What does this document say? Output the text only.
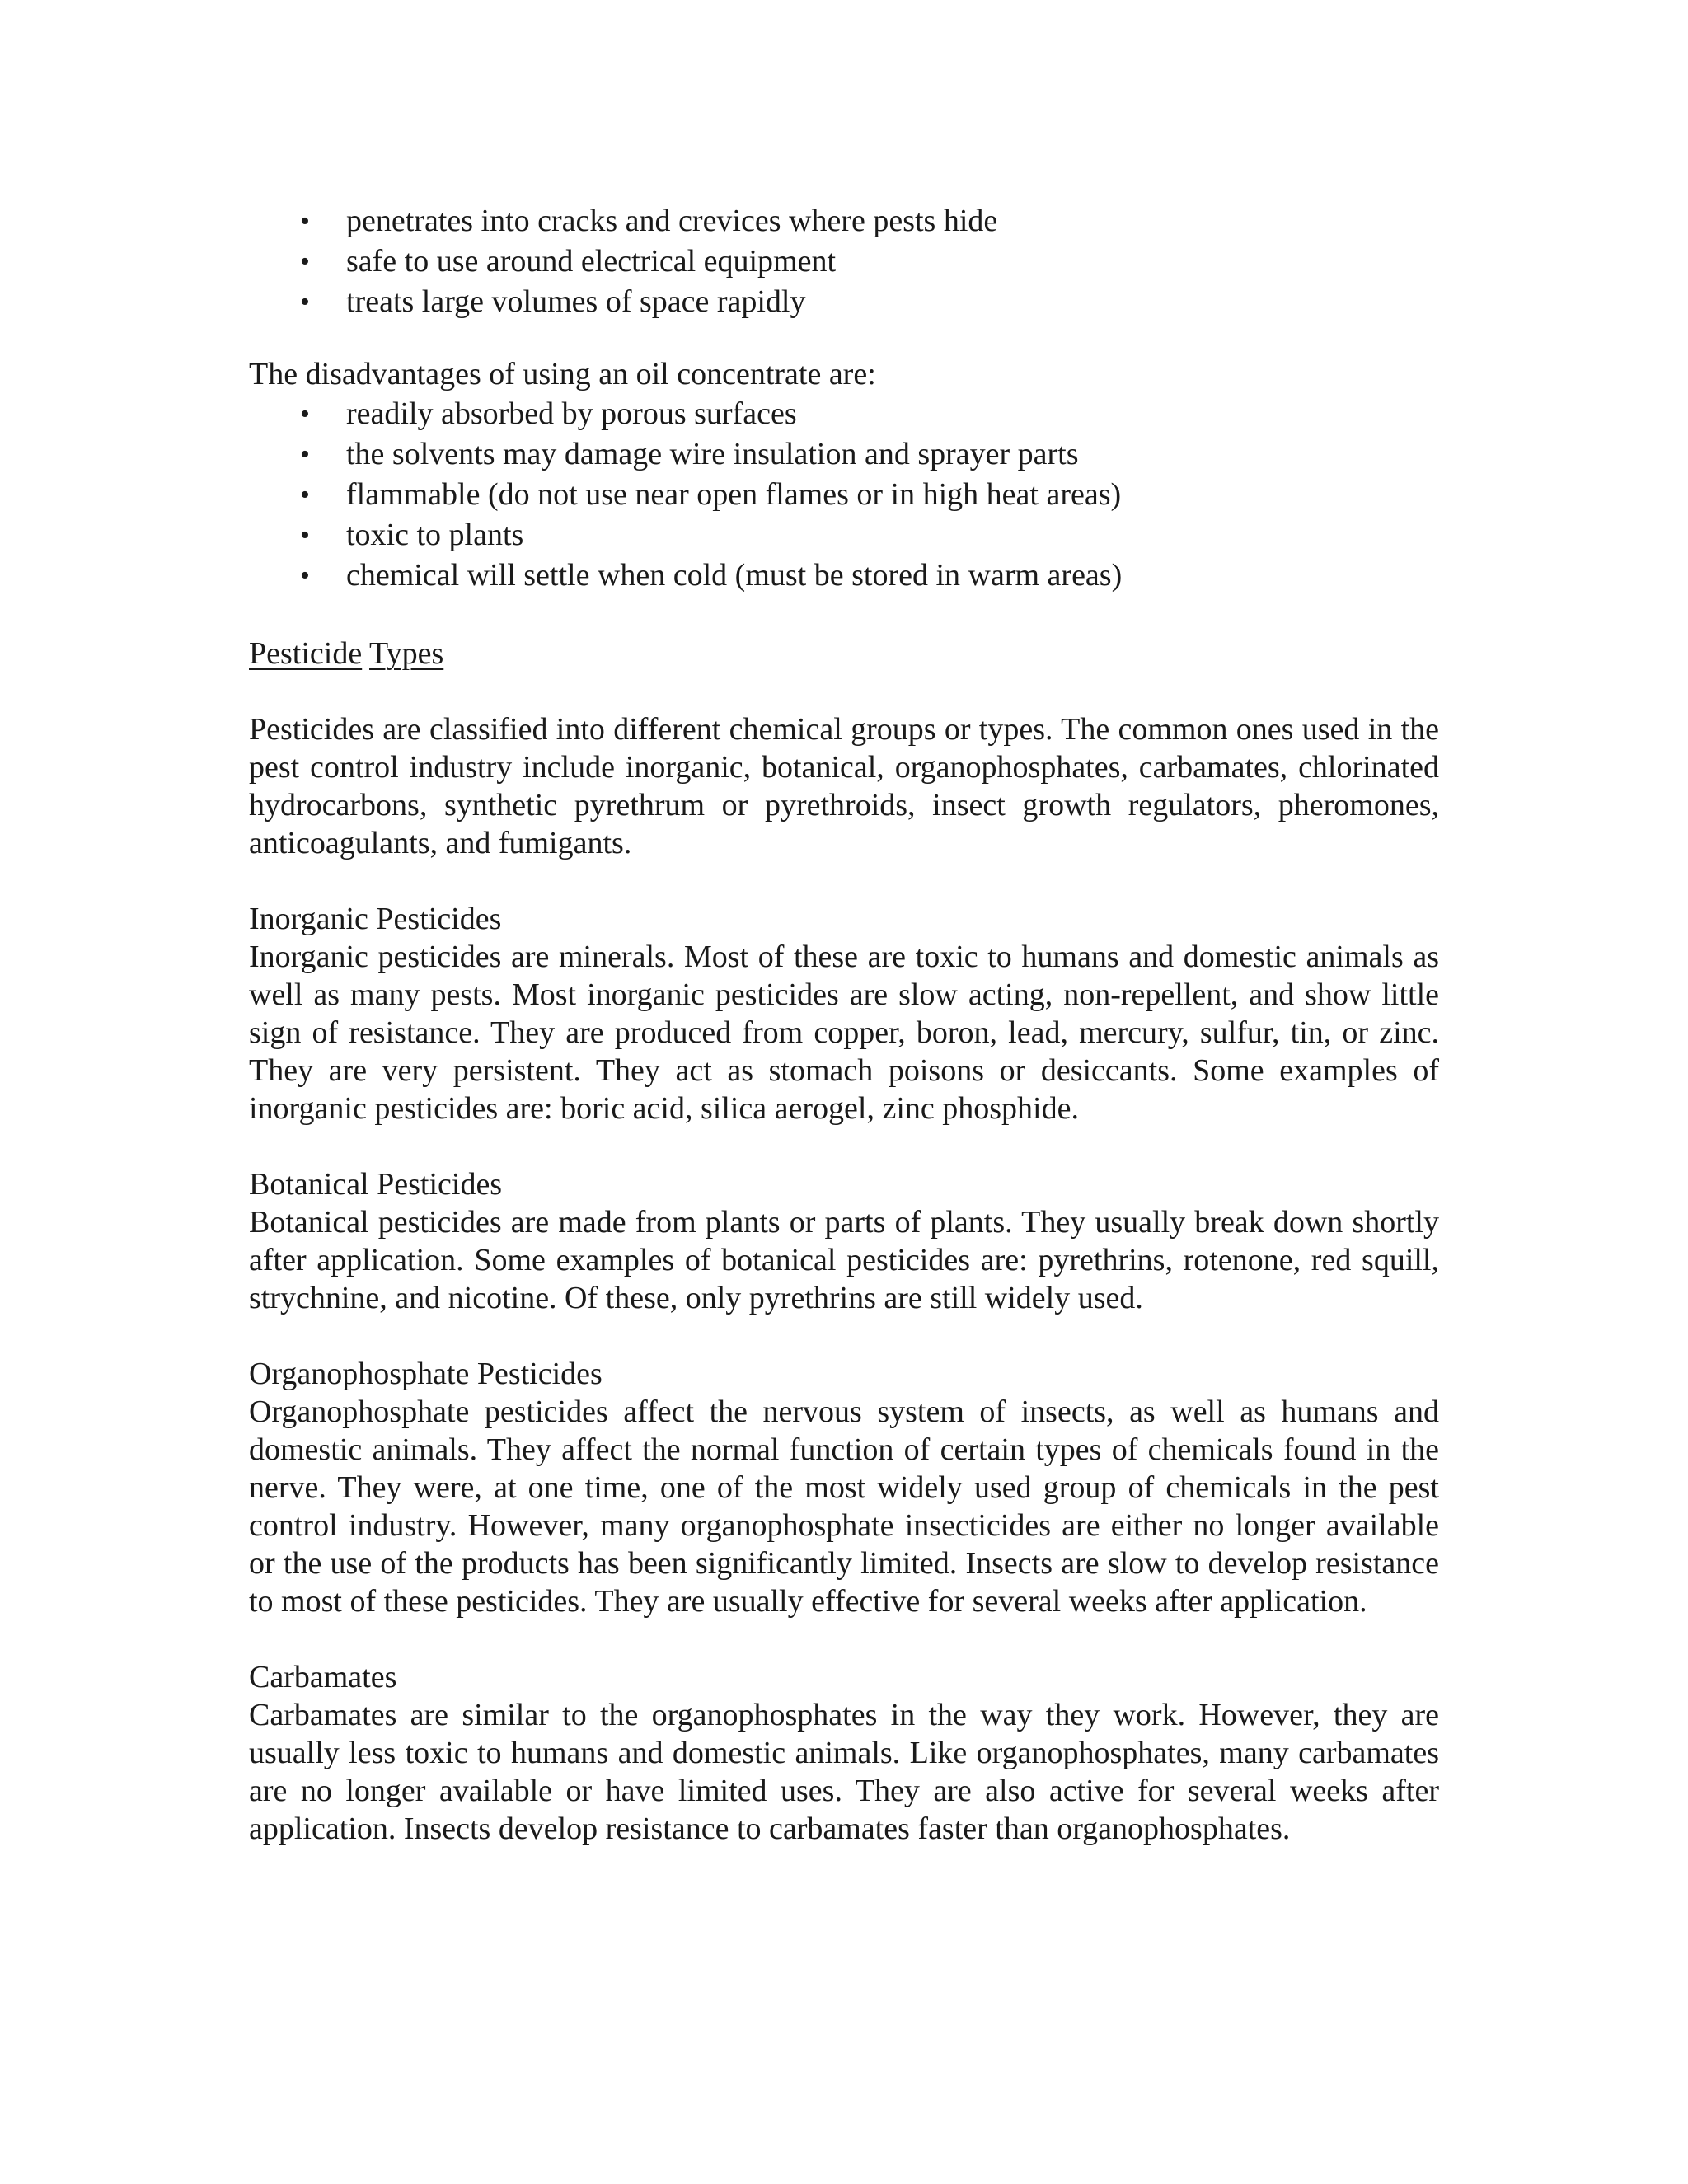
• penetrates into cracks and crevices where pests hide
• safe to use around electrical equipment
• treats large volumes of space rapidly
The disadvantages of using an oil concentrate are:
• readily absorbed by porous surfaces
• the solvents may damage wire insulation and sprayer parts
• flammable (do not use near open flames or in high heat areas)
• toxic to plants
• chemical will settle when cold (must be stored in warm areas)
Pesticide Types

Pesticides are classified into different chemical groups or types. The common ones used in the pest control industry include inorganic, botanical, organophosphates, carbamates, chlorinated hydrocarbons, synthetic pyrethrum or pyrethroids, insect growth regulators, pheromones, anticoagulants, and fumigants.

Inorganic Pesticides

Inorganic pesticides are minerals. Most of these are toxic to humans and domestic animals as well as many pests. Most inorganic pesticides are slow acting, non-repellent, and show little sign of resistance. They are produced from copper, boron, lead, mercury, sulfur, tin, or zinc. They are very persistent. They act as stomach poisons or desiccants. Some examples of inorganic pesticides are: boric acid, silica aerogel, zinc phosphide.

Botanical Pesticides

Botanical pesticides are made from plants or parts of plants. They usually break down shortly after application. Some examples of botanical pesticides are: pyrethrins, rotenone, red squill, strychnine, and nicotine. Of these, only pyrethrins are still widely used.

Organophosphate Pesticides

Organophosphate pesticides affect the nervous system of insects, as well as humans and domestic animals. They affect the normal function of certain types of chemicals found in the nerve. They were, at one time, one of the most widely used group of chemicals in the pest control industry. However, many organophosphate insecticides are either no longer available or the use of the products has been significantly limited. Insects are slow to develop resistance to most of these pesticides. They are usually effective for several weeks after application.

Carbamates

Carbamates are similar to the organophosphates in the way they work. However, they are usually less toxic to humans and domestic animals. Like organophosphates, many carbamates are no longer available or have limited uses. They are also active for several weeks after application. Insects develop resistance to carbamates faster than organophosphates.
